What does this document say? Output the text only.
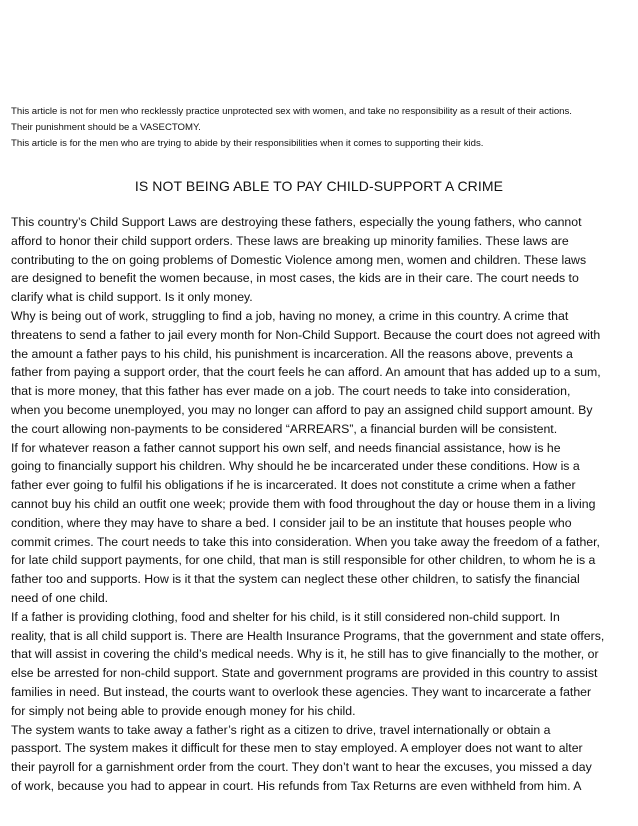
This article is not for men who recklessly practice unprotected sex with women, and take no responsibility as a result of their actions.
Their punishment should be a VASECTOMY.
This article is for the men who are trying to abide by their responsibilities when it comes to supporting their kids.
IS NOT BEING ABLE TO PAY CHILD-SUPPORT A CRIME
This country’s Child Support Laws are destroying these fathers, especially the young fathers, who cannot
afford to honor their child support orders. These laws are breaking up minority families. These laws are
contributing to the on going problems of Domestic Violence among men, women and children. These laws
are designed to benefit the women because, in most cases, the kids are in their care. The court needs to
clarify what is child support. Is it only money.
Why is being out of work, struggling to find a job, having no money, a crime in this country. A crime that
threatens to send a father to jail every month for Non-Child Support. Because the court does not agreed with
the amount a father pays to his child, his punishment is incarceration. All the reasons above, prevents a
father from paying a support order, that the court feels he can afford. An amount that has added up to a sum,
that is more money, that this father has ever made on a job. The court needs to take into consideration,
when you become unemployed, you may no longer can afford to pay an assigned child support amount. By
the court allowing non-payments to be considered “ARREARS”, a financial burden will be consistent.
If for whatever reason a father cannot support his own self, and needs financial assistance, how is he
going to financially support his children. Why should he be incarcerated under these conditions. How is a
father ever going to fulfil his obligations if he is incarcerated. It does not constitute a crime when a father
cannot buy his child an outfit one week; provide them with food throughout the day or house them in a living
condition, where they may have to share a bed. I consider jail to be an institute that houses people who
commit crimes. The court needs to take this into consideration. When you take away the freedom of a father,
for late child support payments, for one child, that man is still responsible for other children, to whom he is a
father too and supports. How is it that the system can neglect these other children, to satisfy the financial
need of one child.
If a father is providing clothing, food and shelter for his child, is it still considered non-child support. In
reality, that is all child support is. There are Health Insurance Programs, that the government and state offers,
that will assist in covering the child’s medical needs. Why is it, he still has to give financially to the mother, or
else be arrested for non-child support. State and government programs are provided in this country to assist
families in need. But instead, the courts want to overlook these agencies. They want to incarcerate a father
for simply not being able to provide enough money for his child.
The system wants to take away a father’s right as a citizen to drive, travel internationally or obtain a
passport. The system makes it difficult for these men to stay employed. A employer does not want to alter
their payroll for a garnishment order from the court. They don’t want to hear the excuses, you missed a day
of work, because you had to appear in court. His refunds from Tax Returns are even withheld from him. A
